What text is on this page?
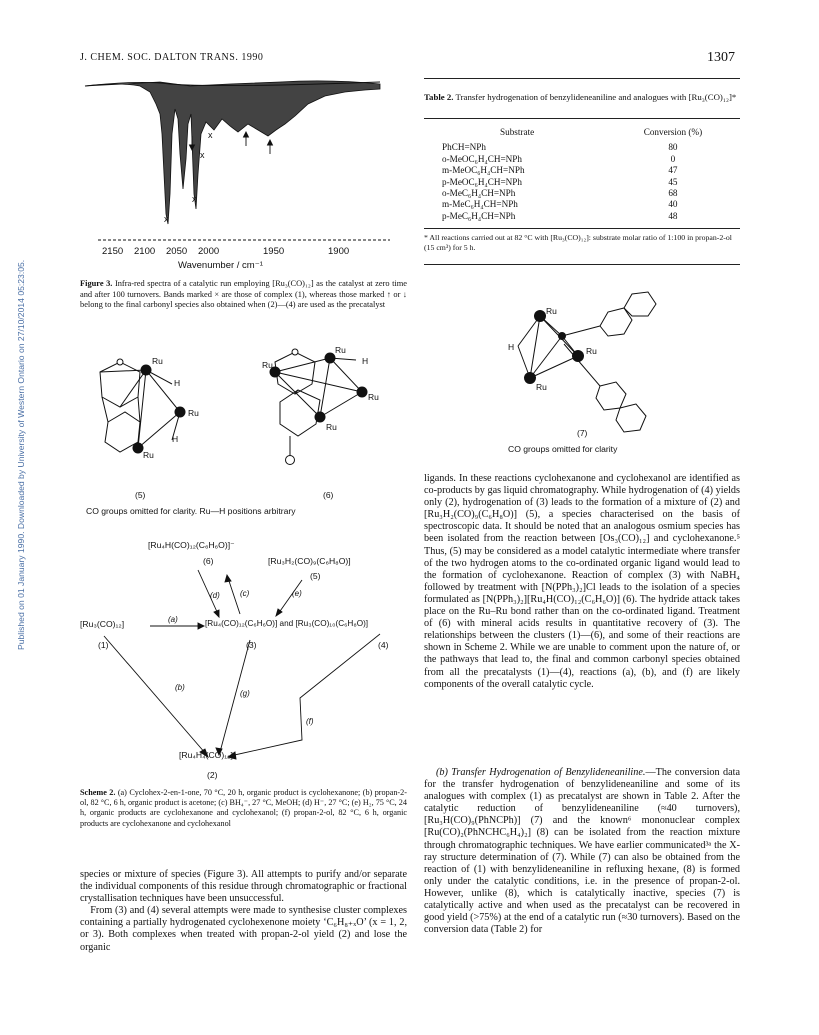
J. CHEM. SOC. DALTON TRANS. 1990	1307
Published on 01 January 1990. Downloaded by University of Western Ontario on 27/10/2014 05:23:05.
x
x
x
x
2150 2100 2050 2000	1950	1900
Wavenumber / cm⁻¹
Figure 3. Infra-red spectra of a catalytic run employing [Ru₃(CO)₁₂] as the catalyst at zero time and after 100 turnovers. Bands marked × are those of complex (1), whereas those marked ↑ or ↓ belong to the final carbonyl species also obtained when (2)—(4) are used as the precatalyst
Ru
Ru
Ru
H
H
Ru
Ru
Ru
Ru
H
(5)	(6)
CO groups omitted for clarity. Ru—H positions arbitrary
(a)
(b)
(c)
(d)	(e)
(f)
(g)
[Ru₄H(CO)₁₂(C₆H₆O)]⁻
(6)	[Ru₃H₂(CO)₉(C₆H₈O)]
(5)
[Ru₃(CO)₁₂]
(1)
[Ru₄(CO)₁₂(C₆H₆O)] and [Ru₃(CO)₁₀(C₆H₈O)]
(3)	(4)
[Ru₄H₄(CO)₁₂]
(2)
Scheme 2. (a) Cyclohex-2-en-1-one, 70 °C, 20 h, organic product is cyclohexanone; (b) propan-2-ol, 82 °C, 6 h, organic product is acetone; (c) BH₄⁻, 27 °C, MeOH; (d) H⁻, 27 °C; (e) H₂, 75 °C, 24 h, organic products are cyclohexanone and cyclohexanol; (f) propan-2-ol, 82 °C, 6 h, organic products are cyclohexanone and cyclohexanol
species or mixture of species (Figure 3). All attempts to purify and/or separate the individual components of this residue through chromatographic or fractional crystallisation techniques have been unsuccessful.
 From (3) and (4) several attempts were made to synthesise cluster complexes containing a partially hydrogenated cyclohexenone moiety ‘C₆H₈₊ₓO’ (x = 1, 2, or 3). Both complexes when treated with propan-2-ol yield (2) and lose the organic
Table 2. Transfer hydrogenation of benzylideneaniline and analogues with [Ru₃(CO)₁₂]*
Substrate	Conversion (%)

PhCH=NPh	80
o-MeOC₆H₄CH=NPh	0
m-MeOC₆H₄CH=NPh	47
p-MeOC₆H₄CH=NPh	45
o-MeC₆H₄CH=NPh	68
m-MeC₆H₄CH=NPh	40
p-MeC₆H₄CH=NPh	48
* All reactions carried out at 82 °C with [Ru₃(CO)₁₂]: substrate molar ratio of 1:100 in propan-2-ol (15 cm³) for 5 h.
Ru
Ru
Ru
H
(7)
CO groups omitted for clarity
ligands. In these reactions cyclohexanone and cyclohexanol are identified as co-products by gas liquid chromatography. While hydrogenation of (4) yields only (2), hydrogenation of (3) leads to the formation of a mixture of (2) and [Ru₃H₂(CO)₉(C₆H₈O)] (5), a species characterised on the basis of spectroscopic data. It should be noted that an analogous osmium species has been isolated from the reaction between [Os₃(CO)₁₂] and cyclohexanone.⁵ Thus, (5) may be considered as a model catalytic intermediate where transfer of the two hydrogen atoms to the co-ordinated organic ligand would lead to the formation of cyclohexanone. Reaction of complex (3) with NaBH₄ followed by treatment with [N(PPh₃)₂]Cl leads to the isolation of a species formulated as [N(PPh₃)₂][Ru₄H(CO)₁₂(C₆H₆O)] (6). The hydride attack takes place on the Ru–Ru bond rather than on the co-ordinated ligand. Treatment of (6) with mineral acids results in quantitative recovery of (3). The relationships between the clusters (1)—(6), and some of their reactions are shown in Scheme 2. While we are unable to comment upon the nature of, or the pathways that lead to, the final and common carbonyl species obtained from all the precatalysts (1)—(4), reactions (a), (b), and (f) are likely components of the overall catalytic cycle.
(b) Transfer Hydrogenation of Benzylideneaniline.—The conversion data for the transfer hydrogenation of benzylideneaniline and some of its analogues with complex (1) as precatalyst are shown in Table 2. After the catalytic reduction of benzylideneaniline (≈40 turnovers), [Ru₃H(CO)₉(PhNCPh)] (7) and the known⁶ mononuclear complex [Ru(CO)₂(PhNCHC₆H₄)₂] (8) can be isolated from the reaction mixture through chromatographic techniques. We have earlier communicated³ᵃ the X-ray structure determination of (7). While (7) can also be obtained from the reaction of (1) with benzylideneaniline in refluxing hexane, (8) is formed only under the catalytic conditions, i.e. in the presence of propan-2-ol. However, unlike (8), which is catalytically inactive, species (7) is catalytically active and when used as the precatalyst can be recovered in good yield (>75%) at the end of a catalytic run (≈30 turnovers). Based on the conversion data (Table 2) for
